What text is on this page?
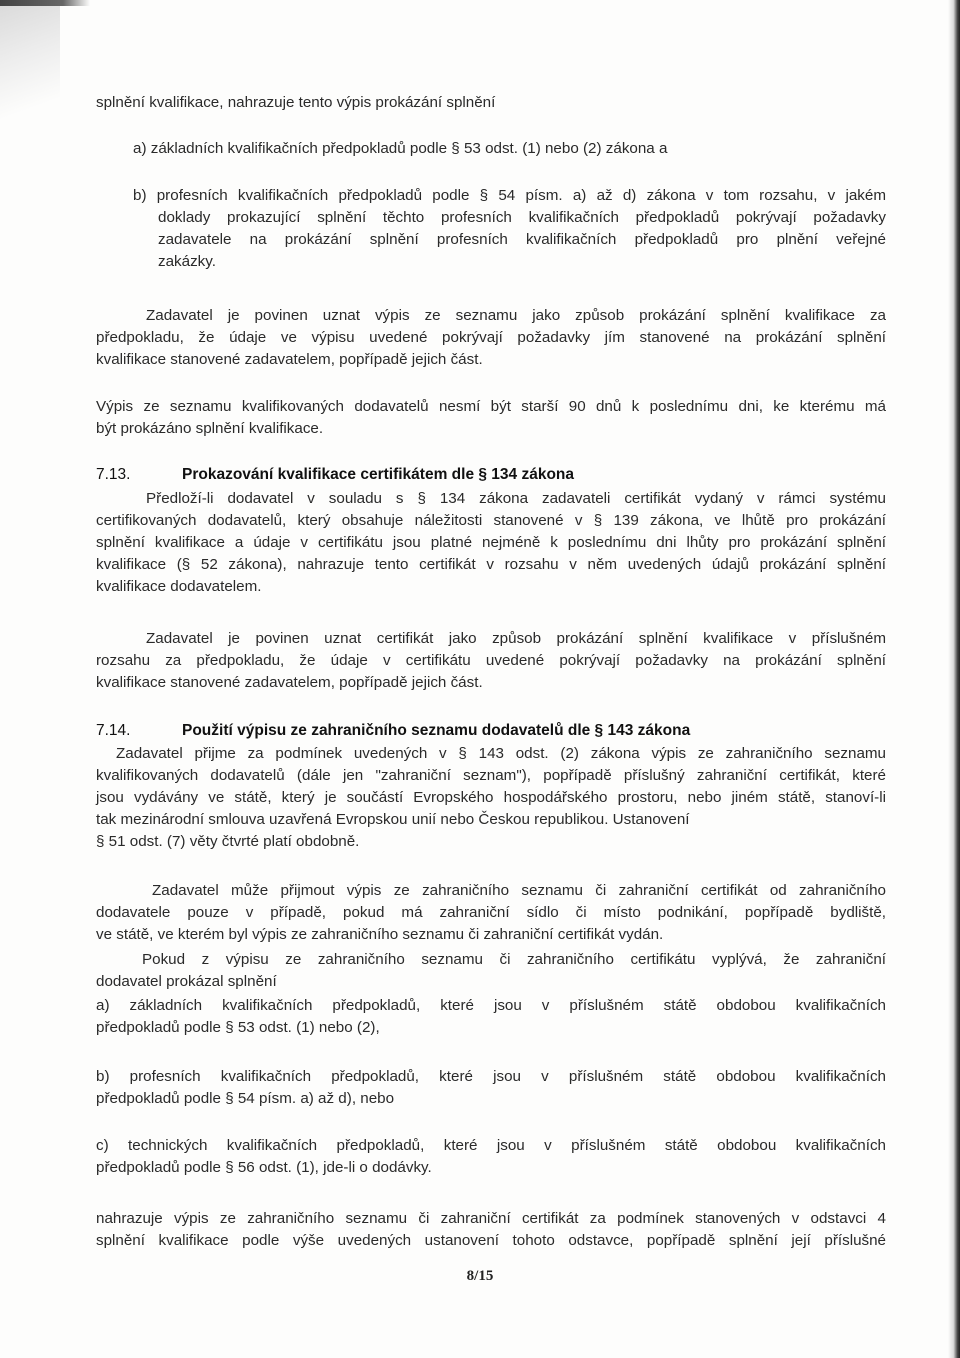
splnění kvalifikace, nahrazuje tento výpis prokázání splnění
a) základních kvalifikačních předpokladů podle § 53 odst. (1) nebo (2) zákona a
b) profesních kvalifikačních předpokladů podle § 54 písm. a) až d) zákona v tom rozsahu, v jakém
doklady prokazující splnění těchto profesních kvalifikačních předpokladů pokrývají požadavky
zadavatele na prokázání splnění profesních kvalifikačních předpokladů pro plnění veřejné
zakázky.
Zadavatel je povinen uznat výpis ze seznamu jako způsob prokázání splnění kvalifikace za
předpokladu, že údaje ve výpisu uvedené pokrývají požadavky jím stanovené na prokázání splnění
kvalifikace stanovené zadavatelem, popřípadě jejich část.
Výpis ze seznamu kvalifikovaných dodavatelů nesmí být starší 90 dnů k poslednímu dni, ke kterému má
být prokázáno splnění kvalifikace.
7.13.	Prokazování kvalifikace certifikátem dle § 134 zákona
Předloží-li dodavatel v souladu s § 134 zákona zadavateli certifikát vydaný v rámci systému
certifikovaných dodavatelů, který obsahuje náležitosti stanovené v § 139 zákona, ve lhůtě pro prokázání
splnění kvalifikace a údaje v certifikátu jsou platné nejméně k poslednímu dni lhůty pro prokázání splnění
kvalifikace (§ 52 zákona), nahrazuje tento certifikát v rozsahu v něm uvedených údajů prokázání splnění
kvalifikace dodavatelem.
Zadavatel je povinen uznat certifikát jako způsob prokázání splnění kvalifikace v příslušném
rozsahu za předpokladu, že údaje v certifikátu uvedené pokrývají požadavky na prokázání splnění
kvalifikace stanovené zadavatelem, popřípadě jejich část.
7.14.	Použití výpisu ze zahraničního seznamu dodavatelů dle § 143 zákona
Zadavatel přijme za podmínek uvedených v § 143 odst. (2) zákona výpis ze zahraničního seznamu
kvalifikovaných dodavatelů (dále jen "zahraniční seznam"), popřípadě příslušný zahraniční certifikát, které
jsou vydávány ve státě, který je součástí Evropského hospodářského prostoru, nebo jiném státě, stanoví-li
tak mezinárodní smlouva uzavřená Evropskou unií nebo Českou republikou. Ustanovení
§ 51 odst. (7) věty čtvrté platí obdobně.
Zadavatel může přijmout výpis ze zahraničního seznamu či zahraniční certifikát od zahraničního
dodavatele pouze v případě, pokud má zahraniční sídlo či místo podnikání, popřípadě bydliště,
ve státě, ve kterém byl výpis ze zahraničního seznamu či zahraniční certifikát vydán.
Pokud z výpisu ze zahraničního seznamu či zahraničního certifikátu vyplývá, že zahraniční
dodavatel prokázal splnění
a) základních kvalifikačních předpokladů, které jsou v příslušném státě obdobou kvalifikačních
předpokladů podle § 53 odst. (1) nebo (2),
b) profesních kvalifikačních předpokladů, které jsou v příslušném státě obdobou kvalifikačních
předpokladů podle § 54 písm. a) až d), nebo
c) technických kvalifikačních předpokladů, které jsou v příslušném státě obdobou kvalifikačních
předpokladů podle § 56 odst. (1), jde-li o dodávky.
nahrazuje výpis ze zahraničního seznamu či zahraniční certifikát za podmínek stanovených v odstavci 4
splnění kvalifikace podle výše uvedených ustanovení tohoto odstavce, popřípadě splnění její příslušné
8/15
